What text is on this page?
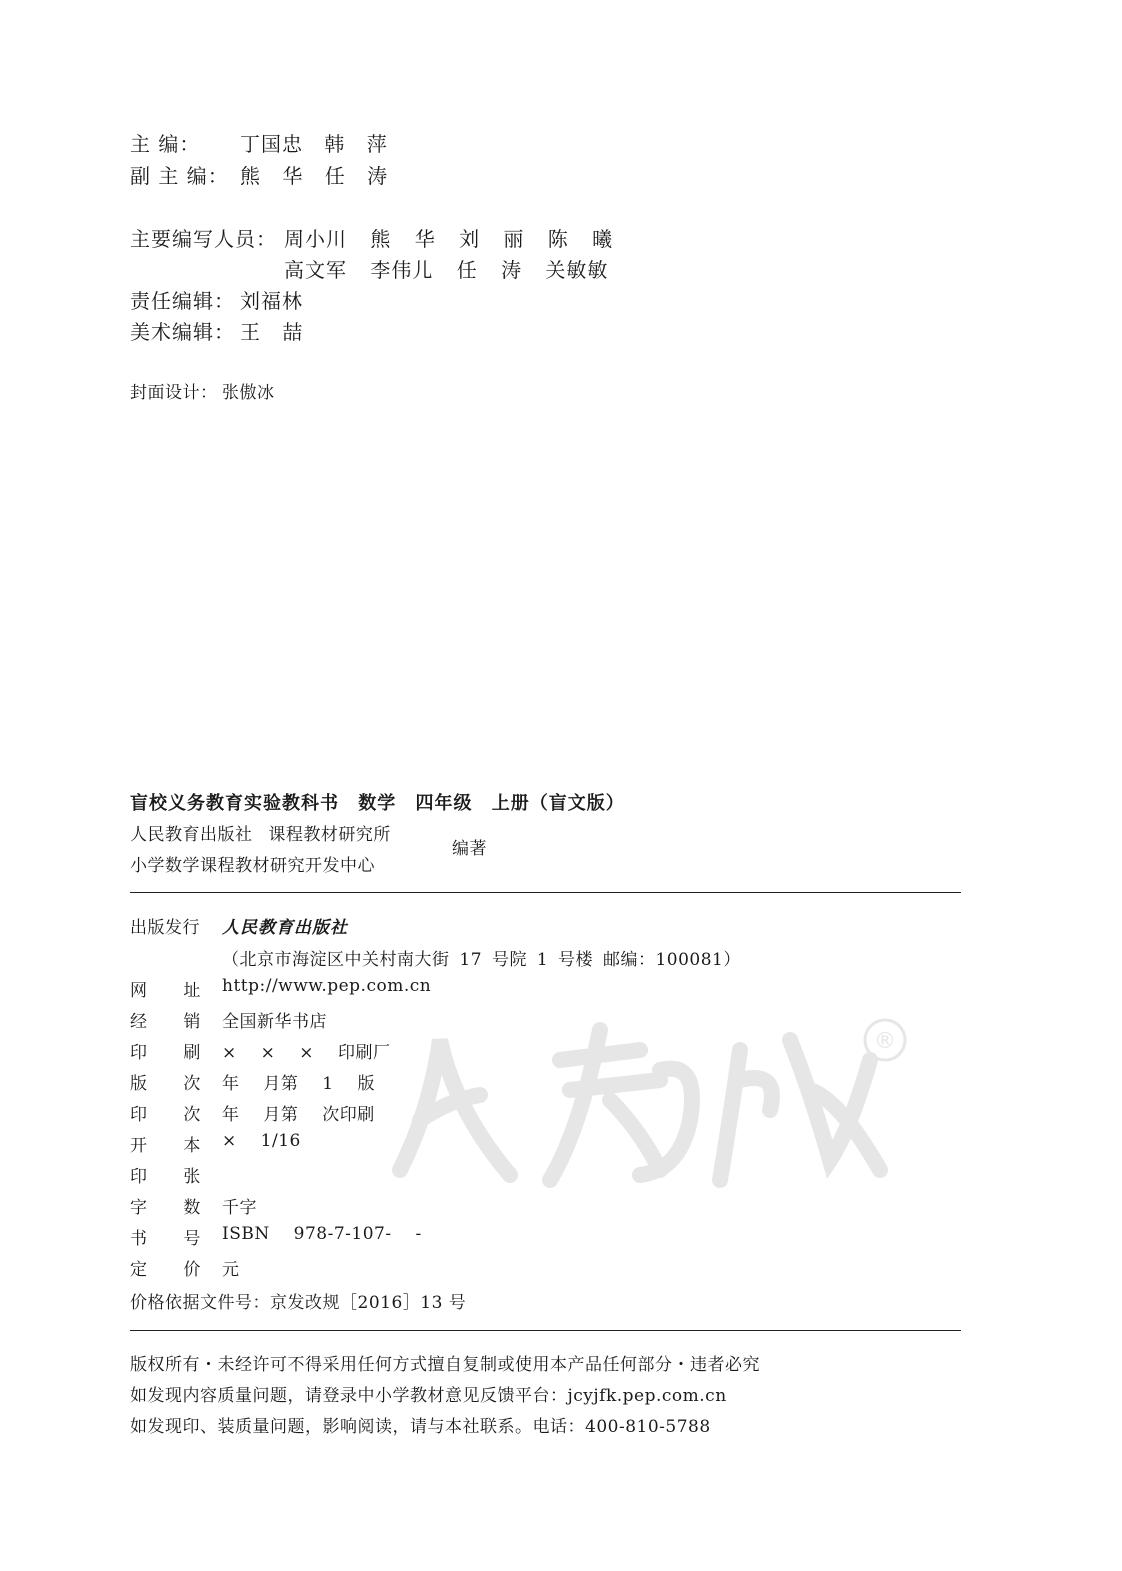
主 编： 丁国忠 韩 萍
副 主 编： 熊 华 任 涛
主要编写人员： 周小川 熊 华 刘 丽 陈 曦
高文军 李伟儿 任 涛 关敏敏
责任编辑： 刘福林
美术编辑： 王 喆
封面设计： 张傲冰
®
盲校义务教育实验教科书 数学 四年级 上册（盲文版）
人民教育出版社 课程教材研究所
小学数学课程教材研究开发中心
编著
出版发行 人民教育出版社
（北京市海淀区中关村南大街 17 号院 1 号楼 邮编：100081）
网 址 http://www.pep.com.cn
经 销 全国新华书店
印 刷 × × × 印刷厂
版 次 年 月第 1 版
印 次 年 月第 次印刷
开 本 × 1/16
印 张
字 数 千字
书 号 ISBN 978-7-107- -
定 价 元
价格依据文件号：京发改规［2016］13 号
版权所有・未经许可不得采用任何方式擅自复制或使用本产品任何部分・违者必究
如发现内容质量问题，请登录中小学教材意见反馈平台：jcyjfk.pep.com.cn
如发现印、装质量问题，影响阅读，请与本社联系。电话：400-810-5788
